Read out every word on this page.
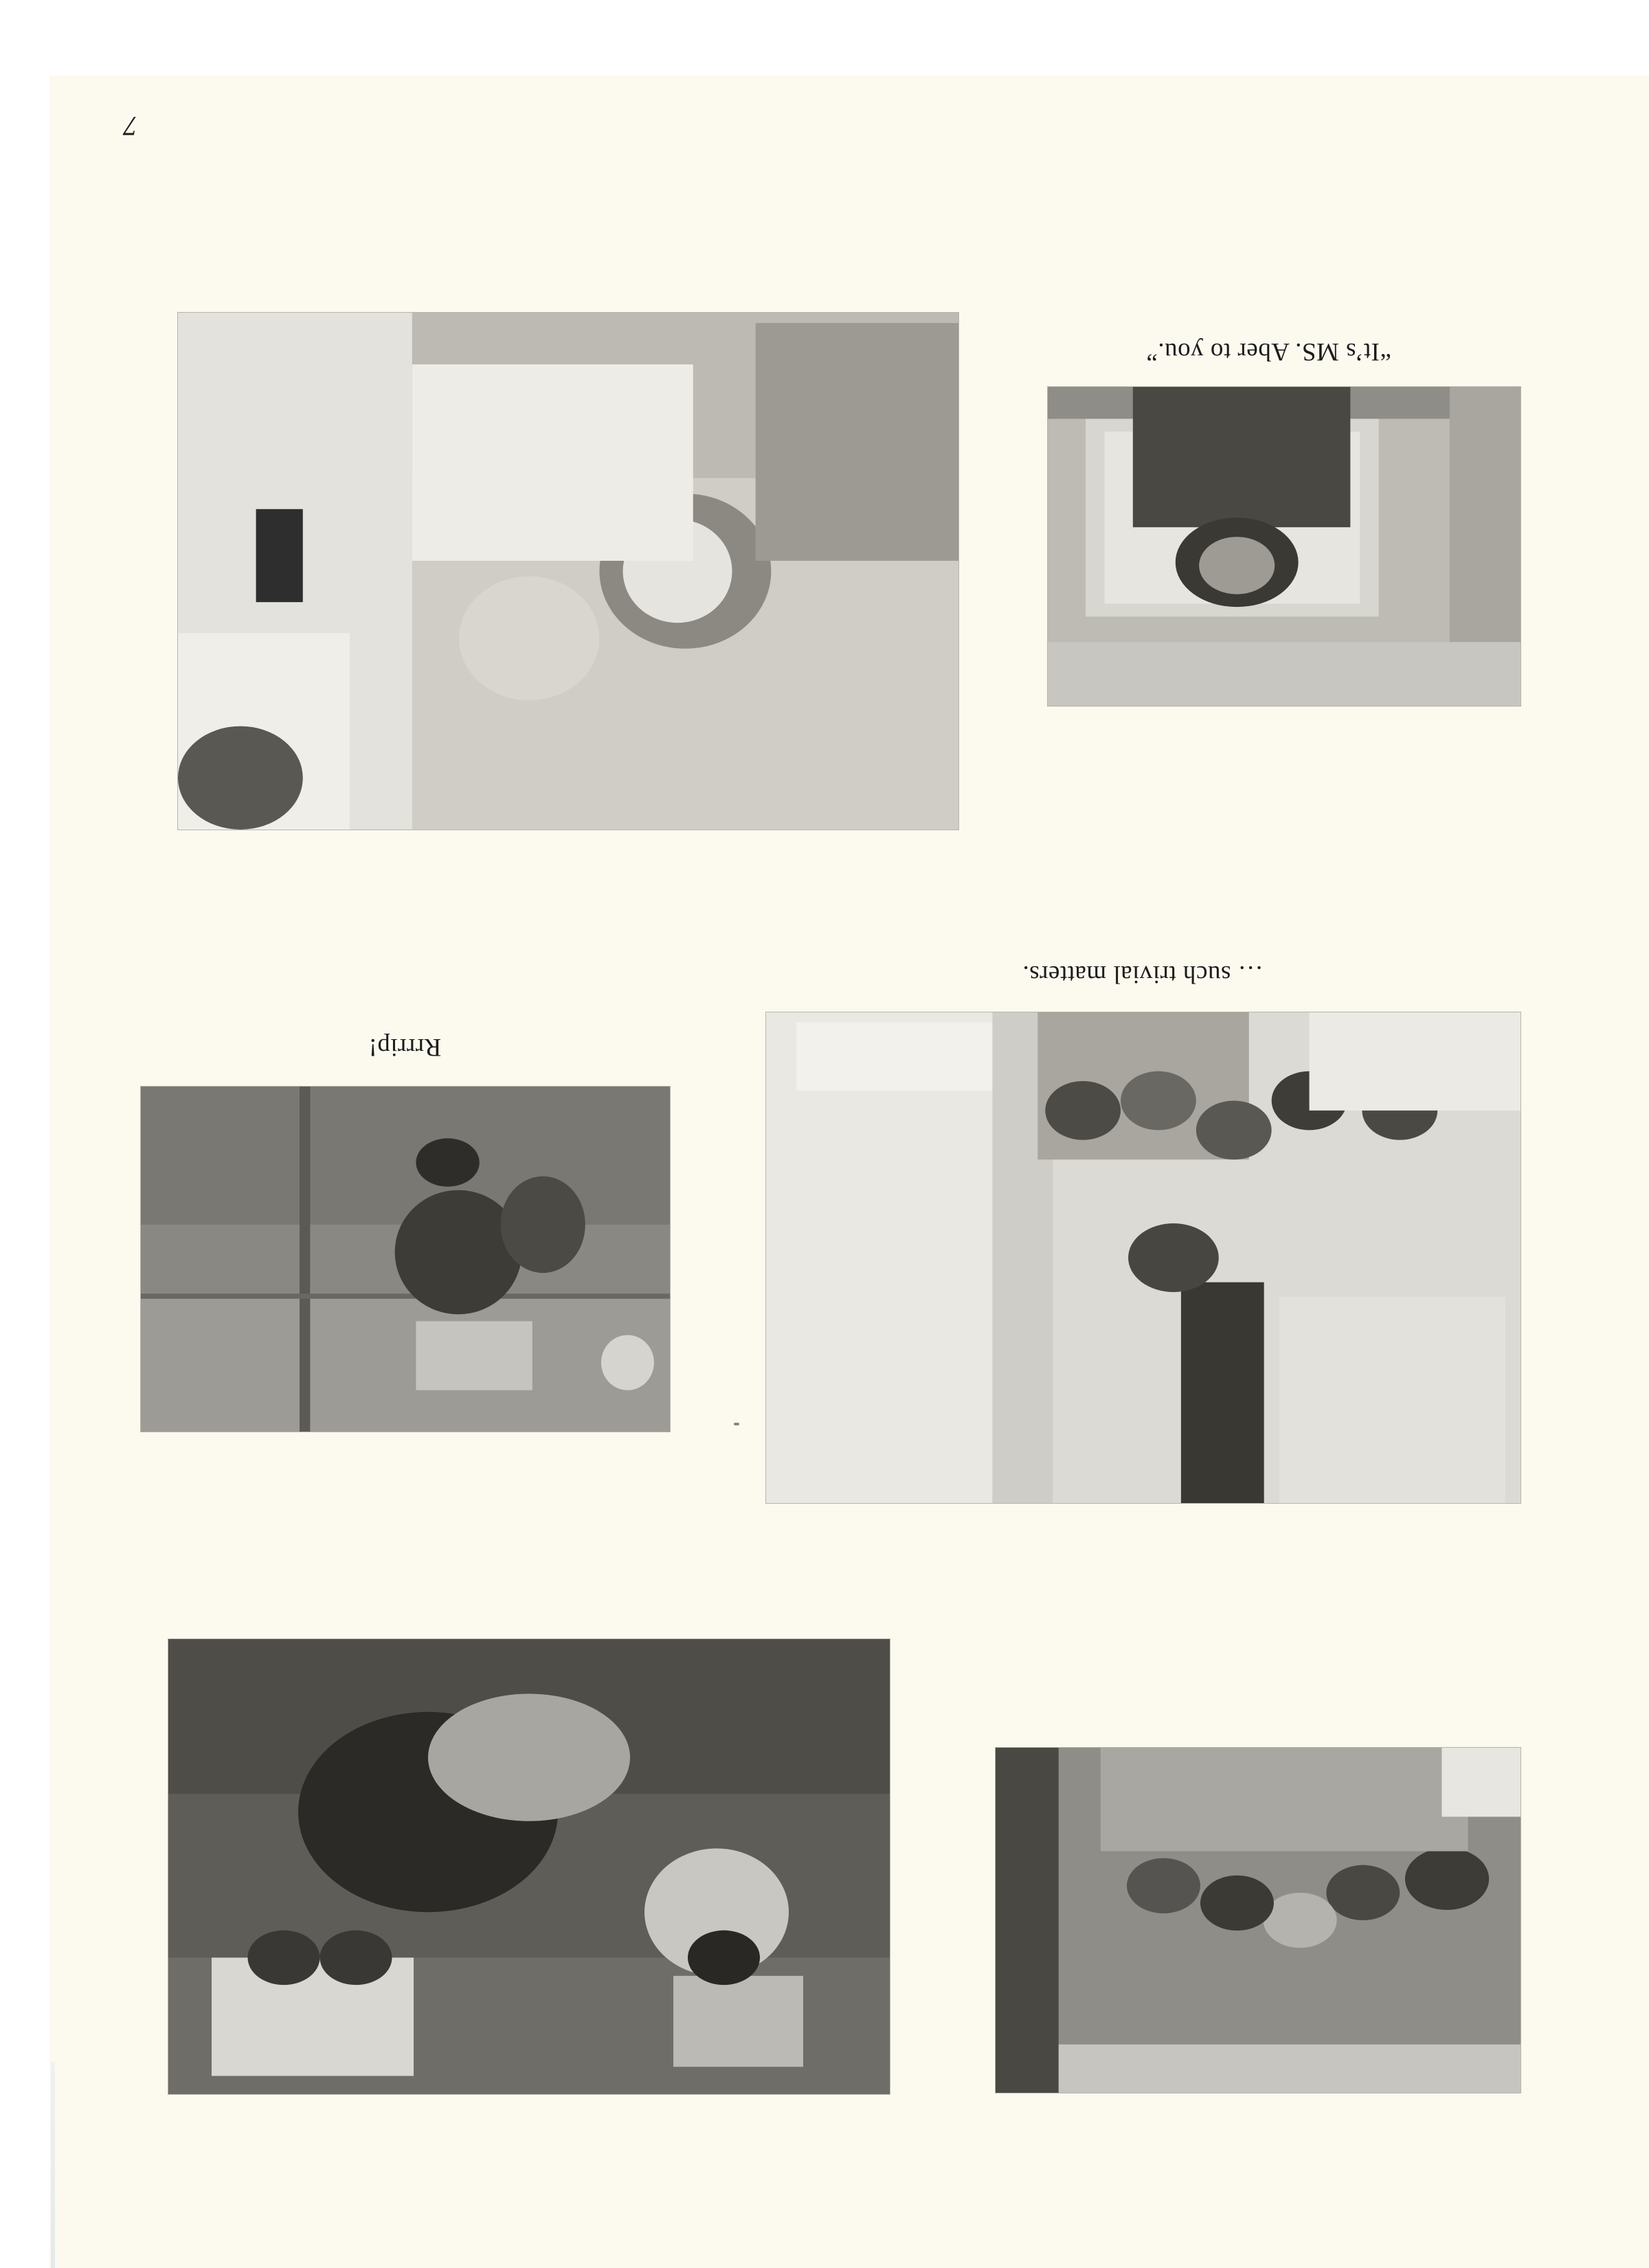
7
“It’s MS. Aber to you.”
… such trivial matters.
Rrrrip!
